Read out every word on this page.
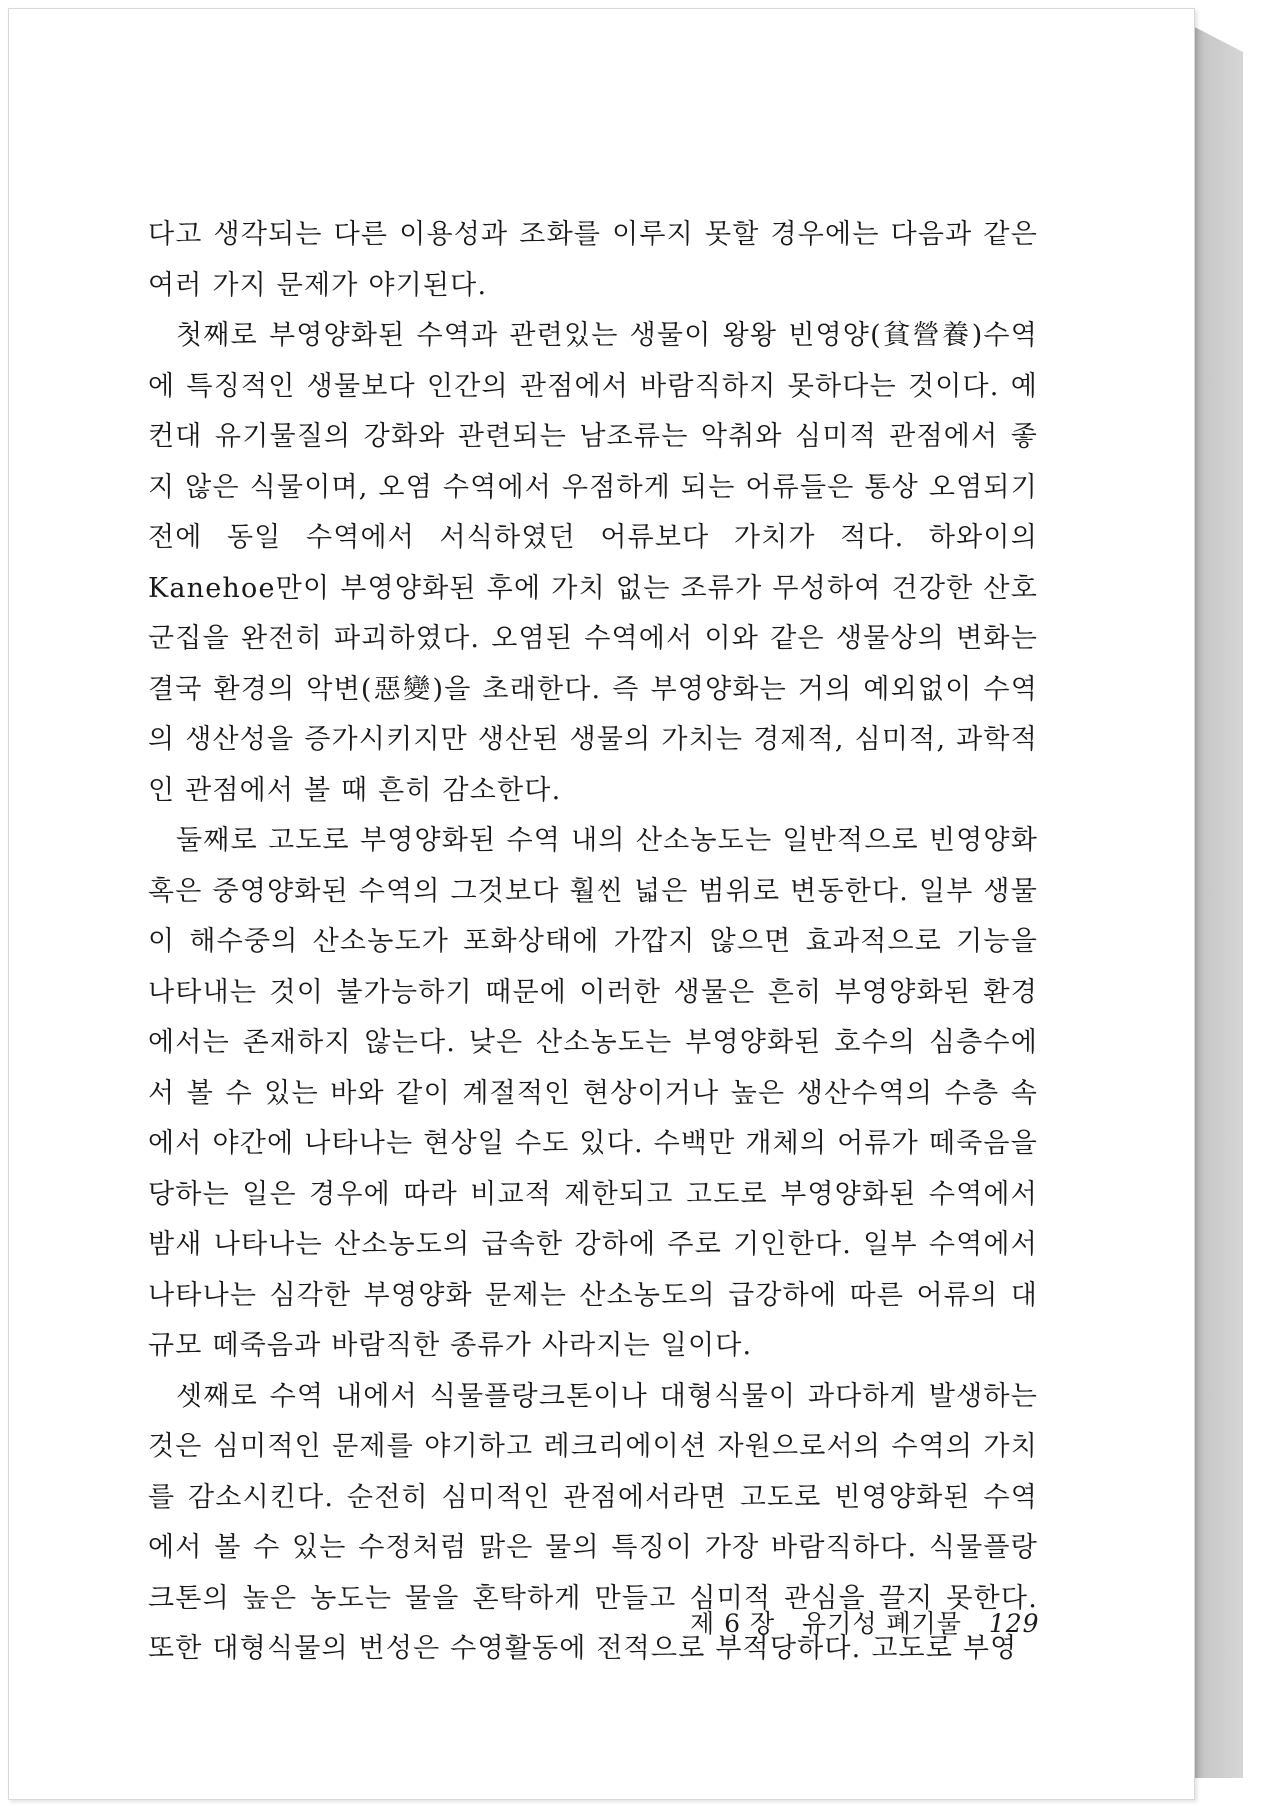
다고 생각되는 다른 이용성과 조화를 이루지 못할 경우에는 다음과 같은 여러 가지 문제가 야기된다.

첫째로 부영양화된 수역과 관련있는 생물이 왕왕 빈영양(貧營養)수역에 특징적인 생물보다 인간의 관점에서 바람직하지 못하다는 것이다. 예컨대 유기물질의 강화와 관련되는 남조류는 악취와 심미적 관점에서 좋지 않은 식물이며, 오염 수역에서 우점하게 되는 어류들은 통상 오염되기 전에 동일 수역에서 서식하였던 어류보다 가치가 적다. 하와이의 Kanehoe만이 부영양화된 후에 가치 없는 조류가 무성하여 건강한 산호군집을 완전히 파괴하였다. 오염된 수역에서 이와 같은 생물상의 변화는 결국 환경의 악변(惡變)을 초래한다. 즉 부영양화는 거의 예외없이 수역의 생산성을 증가시키지만 생산된 생물의 가치는 경제적, 심미적, 과학적인 관점에서 볼 때 흔히 감소한다.

둘째로 고도로 부영양화된 수역 내의 산소농도는 일반적으로 빈영양화 혹은 중영양화된 수역의 그것보다 훨씬 넓은 범위로 변동한다. 일부 생물이 해수중의 산소농도가 포화상태에 가깝지 않으면 효과적으로 기능을 나타내는 것이 불가능하기 때문에 이러한 생물은 흔히 부영양화된 환경에서는 존재하지 않는다. 낮은 산소농도는 부영양화된 호수의 심층수에서 볼 수 있는 바와 같이 계절적인 현상이거나 높은 생산수역의 수층 속에서 야간에 나타나는 현상일 수도 있다. 수백만 개체의 어류가 떼죽음을 당하는 일은 경우에 따라 비교적 제한되고 고도로 부영양화된 수역에서 밤새 나타나는 산소농도의 급속한 강하에 주로 기인한다. 일부 수역에서 나타나는 심각한 부영양화 문제는 산소농도의 급강하에 따른 어류의 대규모 떼죽음과 바람직한 종류가 사라지는 일이다.

셋째로 수역 내에서 식물플랑크톤이나 대형식물이 과다하게 발생하는 것은 심미적인 문제를 야기하고 레크리에이션 자원으로서의 수역의 가치를 감소시킨다. 순전히 심미적인 관점에서라면 고도로 빈영양화된 수역에서 볼 수 있는 수정처럼 맑은 물의 특징이 가장 바람직하다. 식물플랑크톤의 높은 농도는 물을 혼탁하게 만들고 심미적 관심을 끌지 못한다. 또한 대형식물의 번성은 수영활동에 전적으로 부적당하다. 고도로 부영

제 6 장 유기성 폐기물 129
